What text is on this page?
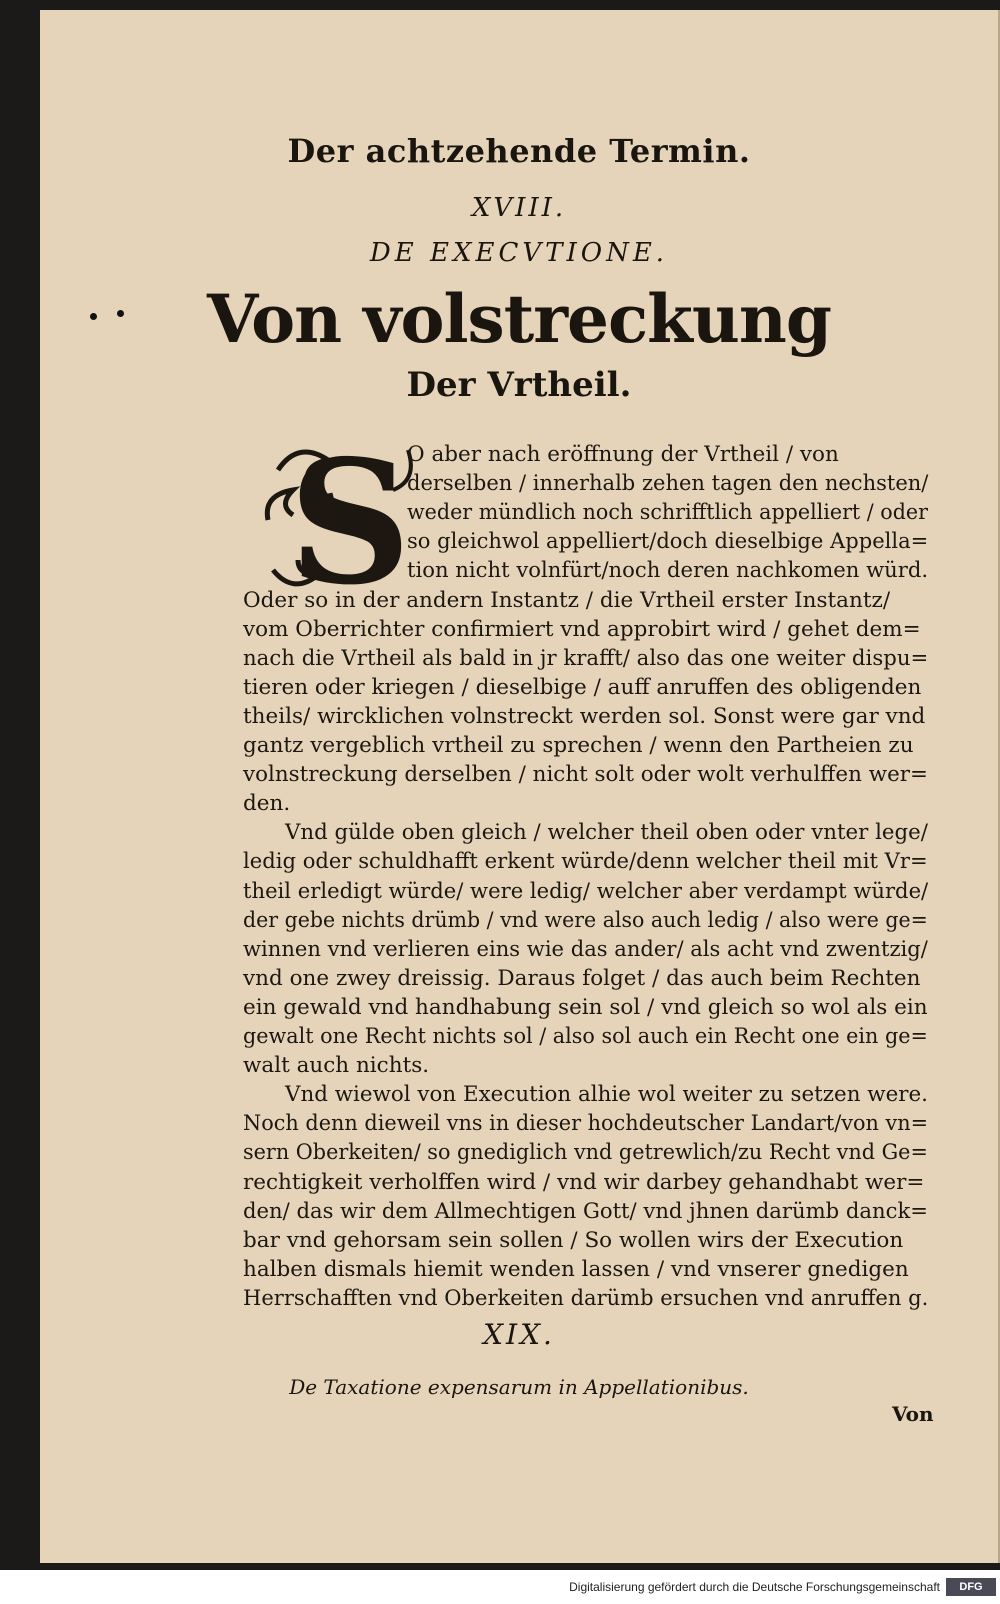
Der achtzehende Termin.
XVIII.
DE EXECVTIONE.
Von volstreckung
Der Vrtheil.
S
O aber nach eröffnung der Vrtheil / von
derselben / innerhalb zehen tagen den nechsten/
weder mündlich noch schrifftlich appelliert / oder
so gleichwol appelliert/doch dieselbige Appella=
tion nicht volnfürt/noch deren nachkomen würd.
Oder so in der andern Instantz / die Vrtheil erster Instantz/
vom Oberrichter confirmiert vnd approbirt wird / gehet dem=
nach die Vrtheil als bald in jr krafft/ also das one weiter dispu=
tieren oder kriegen / dieselbige / auff anruffen des obligenden
theils/ wircklichen volnstreckt werden sol. Sonst were gar vnd
gantz vergeblich vrtheil zu sprechen / wenn den Partheien zu
volnstreckung derselben / nicht solt oder wolt verhulffen wer=
den.
Vnd gülde oben gleich / welcher theil oben oder vnter lege/
ledig oder schuldhafft erkent würde/denn welcher theil mit Vr=
theil erledigt würde/ were ledig/ welcher aber verdampt würde/
der gebe nichts drümb / vnd were also auch ledig / also were ge=
winnen vnd verlieren eins wie das ander/ als acht vnd zwentzig/
vnd one zwey dreissig. Daraus folget / das auch beim Rechten
ein gewald vnd handhabung sein sol / vnd gleich so wol als ein
gewalt one Recht nichts sol / also sol auch ein Recht one ein ge=
walt auch nichts.
Vnd wiewol von Execution alhie wol weiter zu setzen were.
Noch denn dieweil vns in dieser hochdeutscher Landart/von vn=
sern Oberkeiten/ so gnediglich vnd getrewlich/zu Recht vnd Ge=
rechtigkeit verholffen wird / vnd wir darbey gehandhabt wer=
den/ das wir dem Allmechtigen Gott/ vnd jhnen darümb danck=
bar vnd gehorsam sein sollen / So wollen wirs der Execution
halben dismals hiemit wenden lassen / vnd vnserer gnedigen
Herrschafften vnd Oberkeiten darümb ersuchen vnd anruffen g.
XIX.
De Taxatione expensarum in Appellationibus.
Von
Digitalisierung gefördert durch die Deutsche Forschungsgemeinschaft	DFG
